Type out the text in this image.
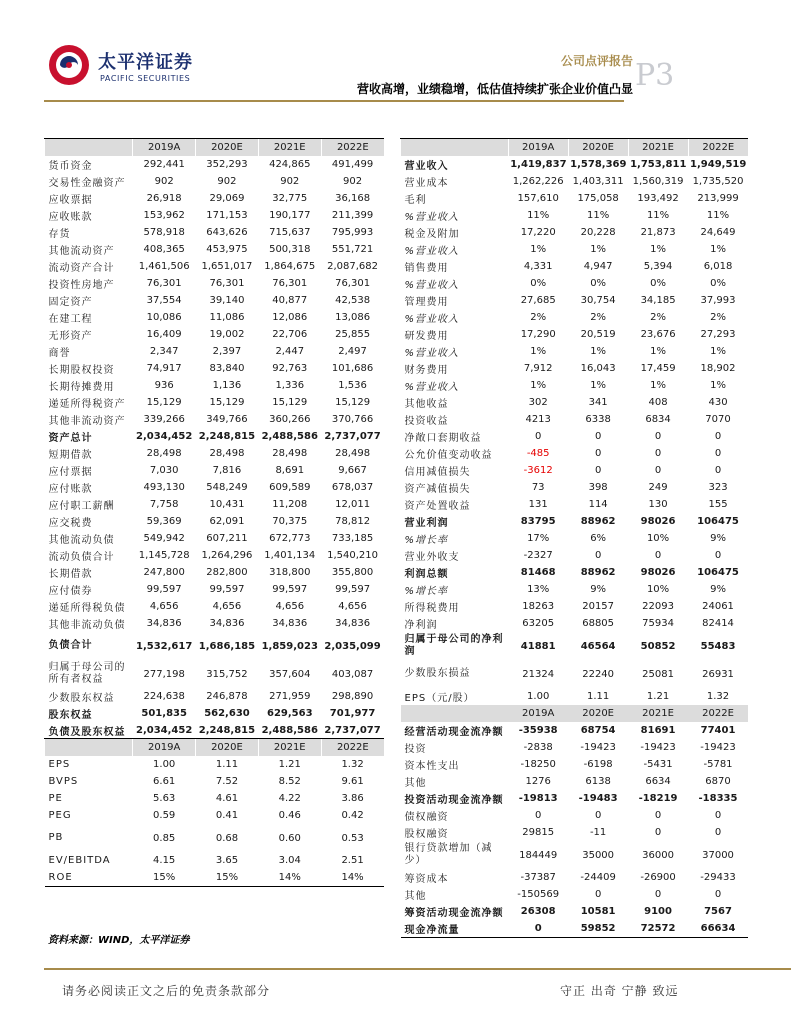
太平洋证券
PACIFIC SECURITIES
公司点评报告 P3
营收高增，业绩稳增，低估值持续扩张企业价值凸显
	2019A	2020E	2021E	2022E
货币资金	292,441	352,293	424,865	491,499
交易性金融资产	902	902	902	902
应收票据	26,918	29,069	32,775	36,168
应收账款	153,962	171,153	190,177	211,399
存货	578,918	643,626	715,637	795,993
其他流动资产	408,365	453,975	500,318	551,721
流动资产合计	1,461,506	1,651,017	1,864,675	2,087,682
投资性房地产	76,301	76,301	76,301	76,301
固定资产	37,554	39,140	40,877	42,538
在建工程	10,086	11,086	12,086	13,086
无形资产	16,409	19,002	22,706	25,855
商誉	2,347	2,397	2,447	2,497
长期股权投资	74,917	83,840	92,763	101,686
长期待摊费用	936	1,136	1,336	1,536
递延所得税资产	15,129	15,129	15,129	15,129
其他非流动资产	339,266	349,766	360,266	370,766
资产总计	2,034,452	2,248,815	2,488,586	2,737,077
短期借款	28,498	28,498	28,498	28,498
应付票据	7,030	7,816	8,691	9,667
应付账款	493,130	548,249	609,589	678,037
应付职工薪酬	7,758	10,431	11,208	12,011
应交税费	59,369	62,091	70,375	78,812
其他流动负债	549,942	607,211	672,773	733,185
流动负债合计	1,145,728	1,264,296	1,401,134	1,540,210
长期借款	247,800	282,800	318,800	355,800
应付债券	99,597	99,597	99,597	99,597
递延所得税负债	4,656	4,656	4,656	4,656
其他非流动负债	34,836	34,836	34,836	34,836
负债合计	1,532,617	1,686,185	1,859,023	2,035,099
归属于母公司的所有者权益	277,198	315,752	357,604	403,087
少数股东权益	224,638	246,878	271,959	298,890
股东权益	501,835	562,630	629,563	701,977
负债及股东权益	2,034,452	2,248,815	2,488,586	2,737,077
	2019A	2020E	2021E	2022E
营业收入	1,419,837	1,578,369	1,753,811	1,949,519
营业成本	1,262,226	1,403,311	1,560,319	1,735,520
毛利	157,610	175,058	193,492	213,999
%营业收入	11%	11%	11%	11%
税金及附加	17,220	20,228	21,873	24,649
%营业收入	1%	1%	1%	1%
销售费用	4,331	4,947	5,394	6,018
%营业收入	0%	0%	0%	0%
管理费用	27,685	30,754	34,185	37,993
%营业收入	2%	2%	2%	2%
研发费用	17,290	20,519	23,676	27,293
%营业收入	1%	1%	1%	1%
财务费用	7,912	16,043	17,459	18,902
%营业收入	1%	1%	1%	1%
其他收益	302	341	408	430
投资收益	4213	6338	6834	7070
净敞口套期收益	0	0	0	0
公允价值变动收益	-485	0	0	0
信用减值损失	-3612	0	0	0
资产减值损失	73	398	249	323
资产处置收益	131	114	130	155
营业利润	83795	88962	98026	106475
%增长率	17%	6%	10%	9%
营业外收支	-2327	0	0	0
利润总额	81468	88962	98026	106475
%增长率	13%	9%	10%	9%
所得税费用	18263	20157	22093	24061
净利润	63205	68805	75934	82414
归属于母公司的净利润	41881	46564	50852	55483
少数股东损益	21324	22240	25081	26931
EPS（元/股）	1.00	1.11	1.21	1.32
	2019A	2020E	2021E	2022E
经营活动现金流净额	-35938	68754	81691	77401
投资	-2838	-19423	-19423	-19423
资本性支出	-18250	-6198	-5431	-5781
其他	1276	6138	6634	6870
投资活动现金流净额	-19813	-19483	-18219	-18335
债权融资	0	0	0	0
股权融资	29815	-11	0	0
银行贷款增加（减少）	184449	35000	36000	37000
筹资成本	-37387	-24409	-26900	-29433
其他	-150569	0	0	0
筹资活动现金流净额	26308	10581	9100	7567
现金净流量	0	59852	72572	66634
	2019A	2020E	2021E	2022E
EPS	1.00	1.11	1.21	1.32
BVPS	6.61	7.52	8.52	9.61
PE	5.63	4.61	4.22	3.86
PEG	0.59	0.41	0.46	0.42
PB	0.85	0.68	0.60	0.53
EV/EBITDA	4.15	3.65	3.04	2.51
ROE	15%	15%	14%	14%
资料来源：WIND，太平洋证券
请务必阅读正文之后的免责条款部分	守正 出奇 宁静 致远
